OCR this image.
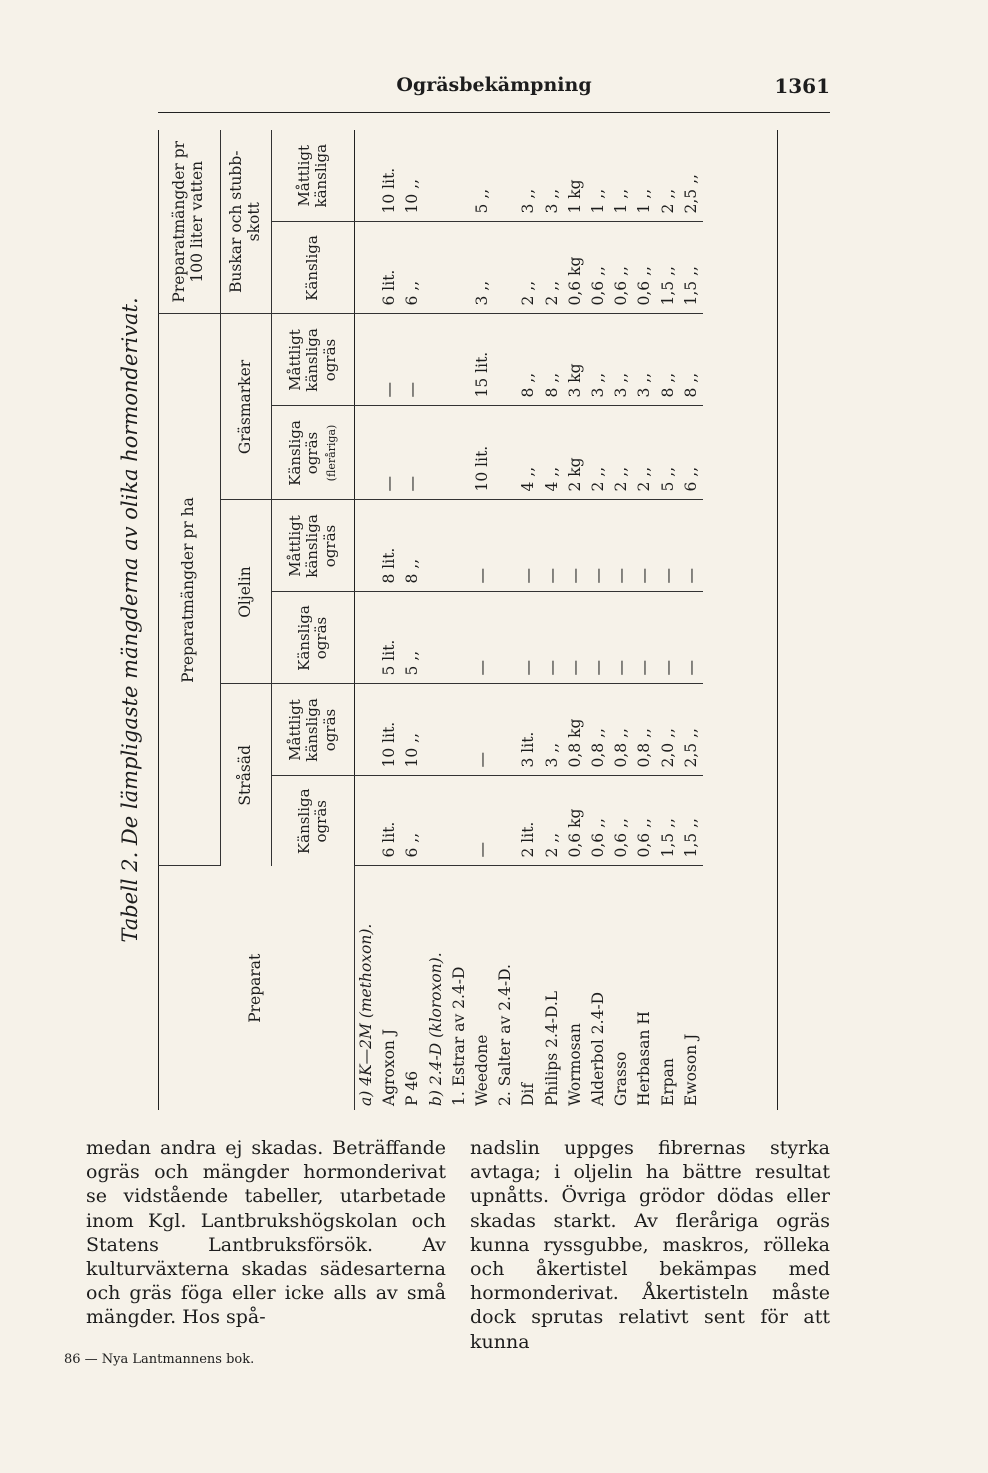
Ogräsbekämpning	1361
Tabell 2. De lämpligaste mängderna av olika hormonderivat.
Preparat	Preparatmängder pr ha						Preparatmängder pr 100 liter vatten	
	Stråsäd		Oljelin		Gräsmarker		Buskar och stubb-skott	
	Känsliga ogräs	Måttligt känsliga ogräs	Känsliga ogräs	Måttligt känsliga ogräs	Känsliga ogräs (fleråriga)	Måttligt känsliga ogräs	Känsliga	Måttligt känsliga
a) 4K—2M (methoxon).								
Agroxon J	6 lit.	10 lit.	5 lit.	8 lit.	—	—	6 lit.	10 lit.
P 46	6 ,,	10 ,,	5 ,,	8 ,,	—	—	6 ,,	10 ,,
b) 2.4-D (kloroxon).								
1. Estrar av 2.4-D								
Weedone	—	—	—	—	10 lit.	15 lit.	3 ,,	5 ,,
2. Salter av 2.4-D.								
Dif	2 lit.	3 lit.	—	—	4 ,,	8 ,,	2 ,,	3 ,,
Philips 2.4-D.L	2 ,,	3 ,,	—	—	4 ,,	8 ,,	2 ,,	3 ,,
Wormosan	0,6 kg	0,8 kg	—	—	2 kg	3 kg	0,6 kg	1 kg
Alderbol 2.4-D	0,6 ,,	0,8 ,,	—	—	2 ,,	3 ,,	0,6 ,,	1 ,,
Grasso	0,6 ,,	0,8 ,,	—	—	2 ,,	3 ,,	0,6 ,,	1 ,,
Herbasan H	0,6 ,,	0,8 ,,	—	—	2 ,,	3 ,,	0,6 ,,	1 ,,
Erpan	1,5 ,,	2,0 ,,	—	—	5 ,,	8 ,,	1,5 ,,	2 ,,
Ewoson J	1,5 ,,	2,5 ,,	—	—	6 ,,	8 ,,	1,5 ,,	2,5 ,,
medan andra ej skadas. Beträffande ogräs och mängder hormonderivat se vidstående tabeller, utarbetade inom Kgl. Lantbrukshögskolan och Statens Lantbruksförsök. Av kulturväxterna skadas sädesarterna och gräs föga eller icke alls av små mängder. Hos spå-
nadslin uppges fibrernas styrka avtaga; i oljelin ha bättre resultat upnåtts. Övriga grödor dödas eller skadas starkt. Av fleråriga ogräs kunna ryssgubbe, maskros, rölleka och åkertistel bekämpas med hormonderivat. Åkertisteln måste dock sprutas relativt sent för att kunna
86 — Nya Lantmannens bok.
